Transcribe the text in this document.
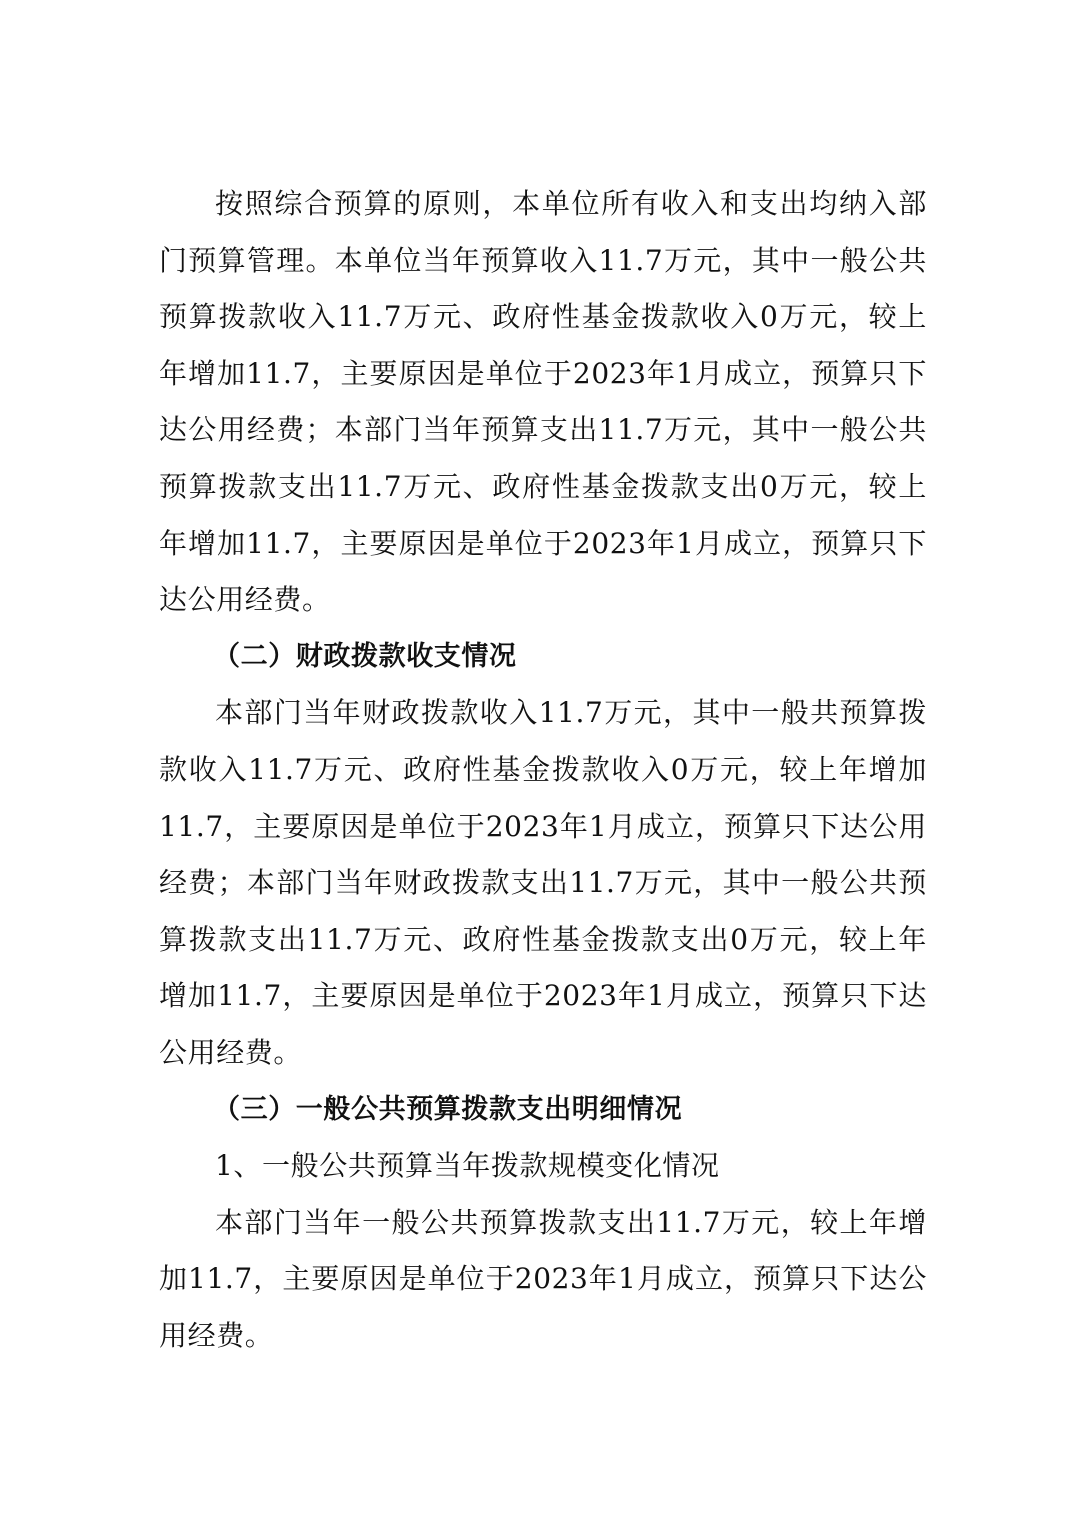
按照综合预算的原则，本单位所有收入和支出均纳入部门预算管理。本单位当年预算收入11.7万元，其中一般公共预算拨款收入11.7万元、政府性基金拨款收入0万元，较上年增加11.7，主要原因是单位于2023年1月成立，预算只下达公用经费；本部门当年预算支出11.7万元，其中一般公共预算拨款支出11.7万元、政府性基金拨款支出0万元，较上年增加11.7，主要原因是单位于2023年1月成立，预算只下达公用经费。

（二）财政拨款收支情况

本部门当年财政拨款收入11.7万元，其中一般共预算拨款收入11.7万元、政府性基金拨款收入0万元，较上年增加11.7，主要原因是单位于2023年1月成立，预算只下达公用经费；本部门当年财政拨款支出11.7万元，其中一般公共预算拨款支出11.7万元、政府性基金拨款支出0万元，较上年增加11.7，主要原因是单位于2023年1月成立，预算只下达公用经费。

（三）一般公共预算拨款支出明细情况

1、一般公共预算当年拨款规模变化情况

本部门当年一般公共预算拨款支出11.7万元，较上年增加11.7，主要原因是单位于2023年1月成立，预算只下达公用经费。
